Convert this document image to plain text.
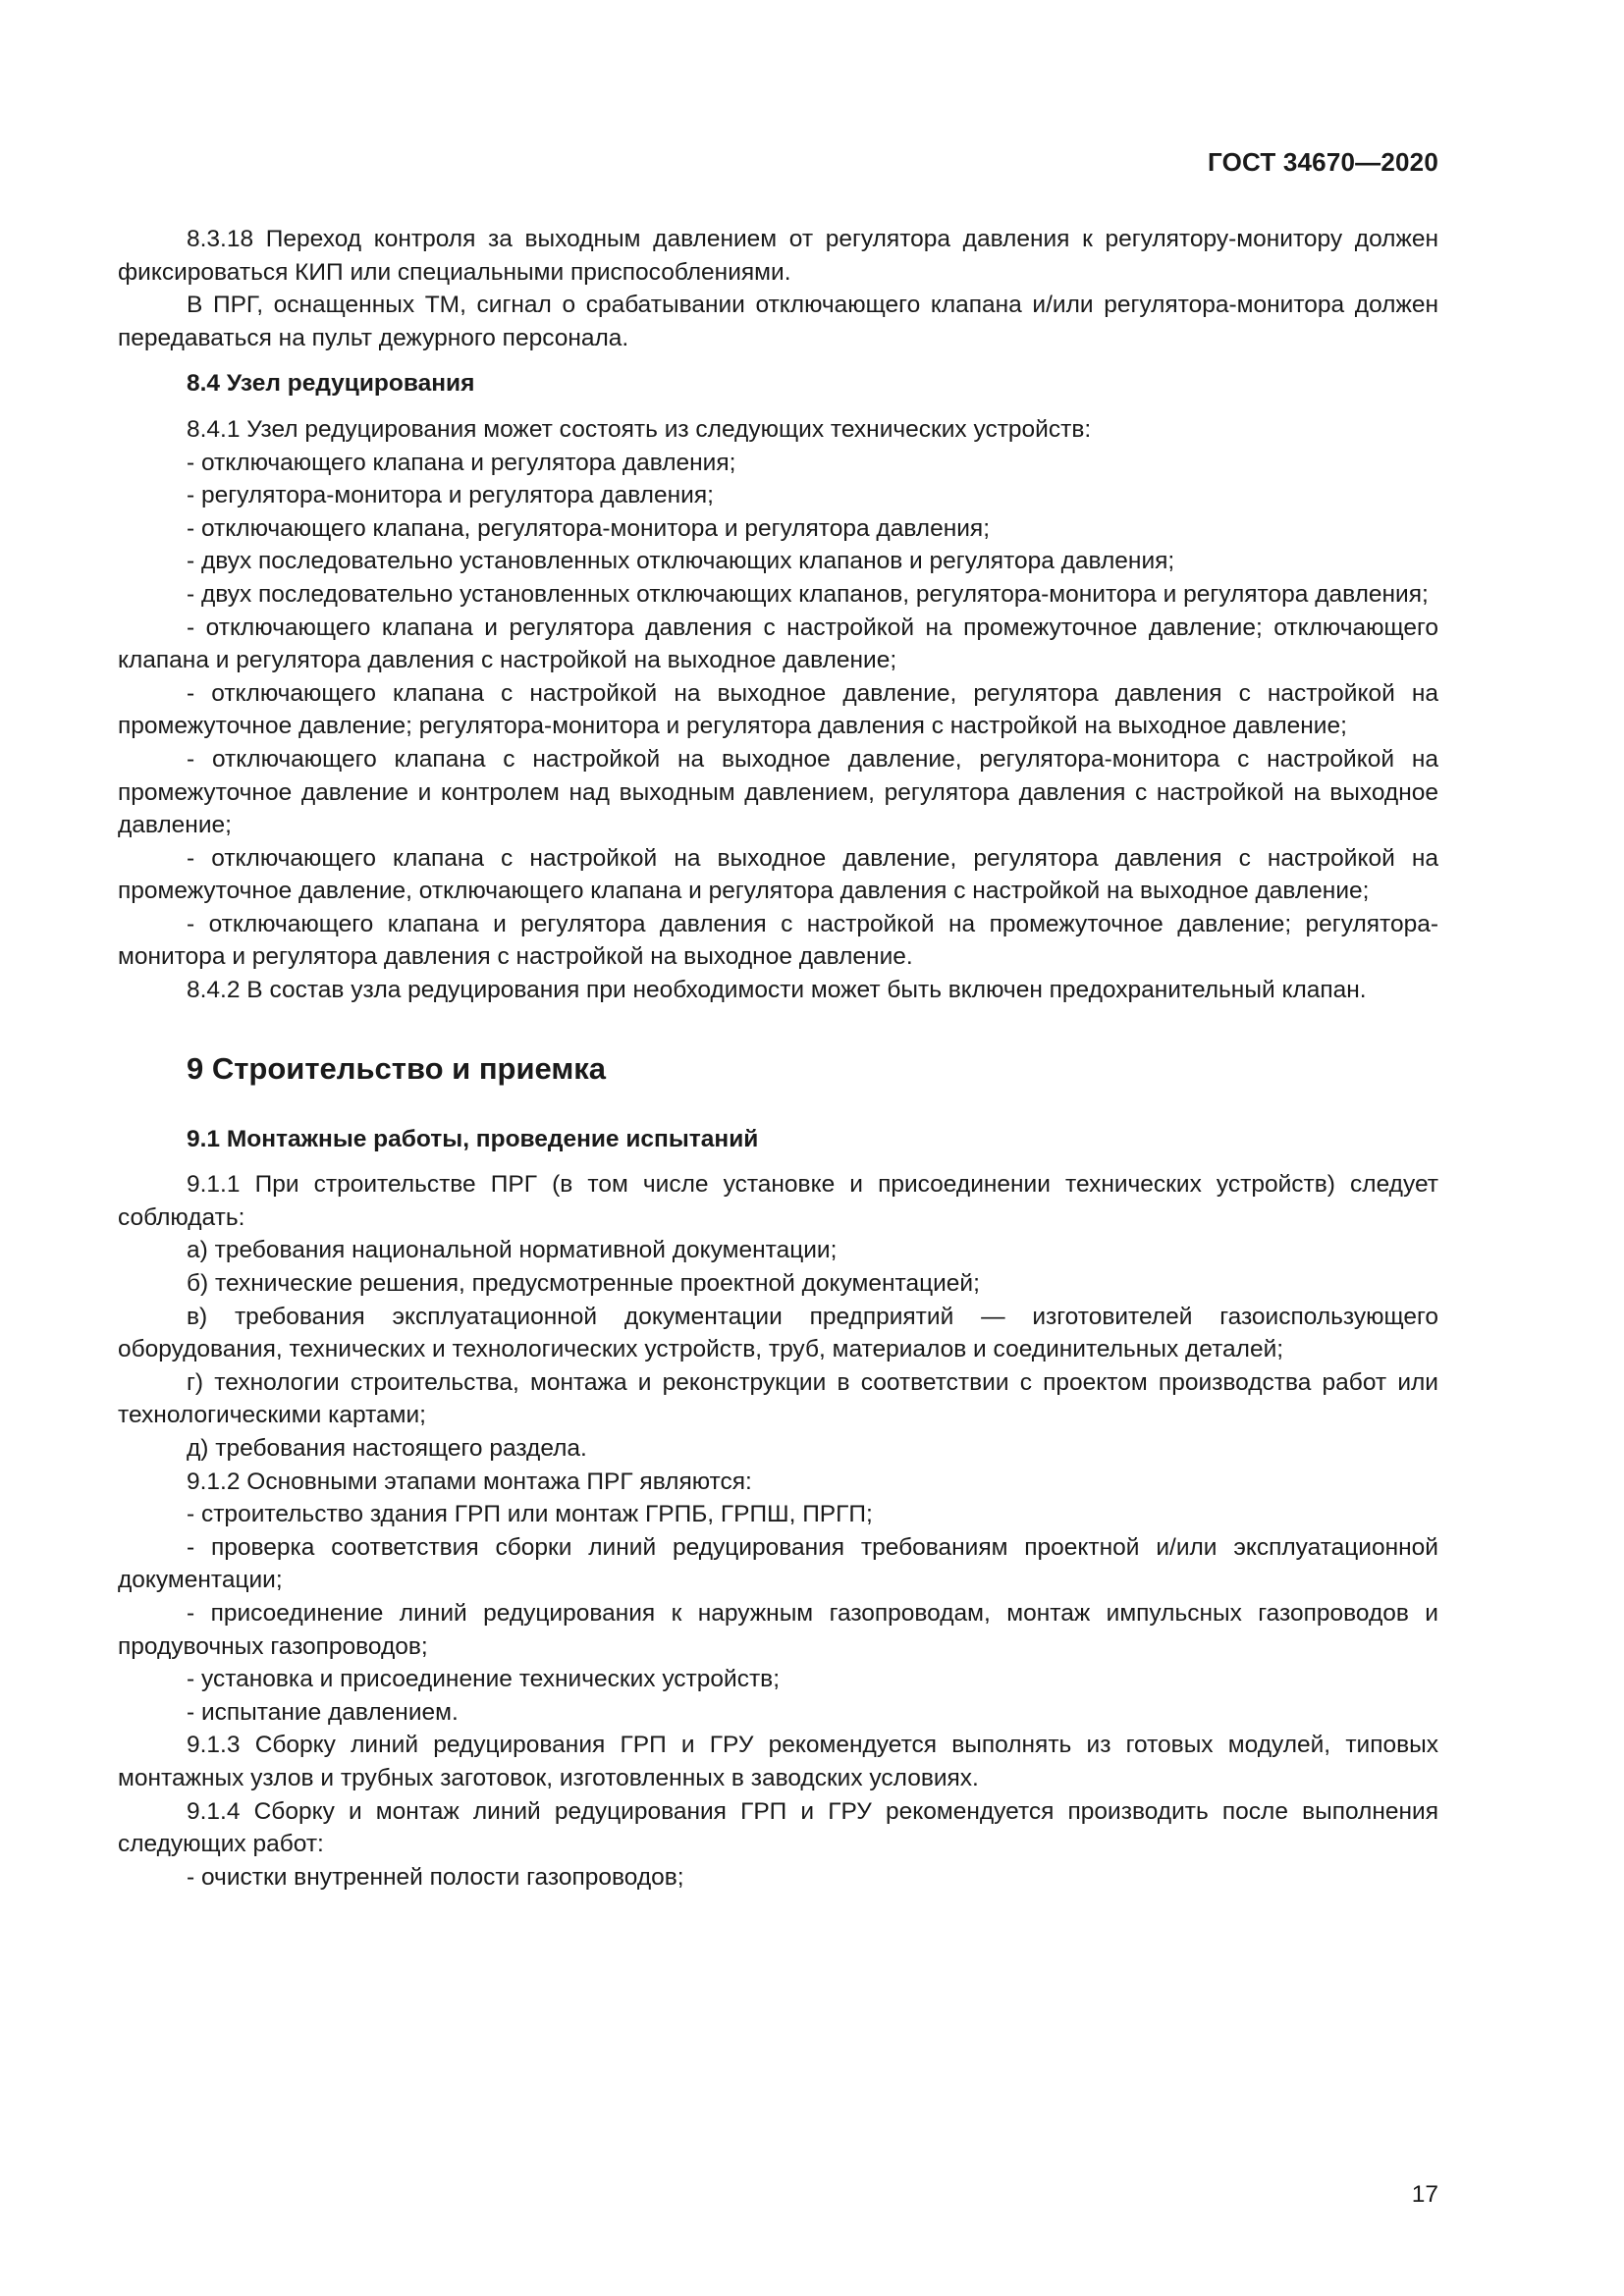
ГОСТ 34670—2020

8.3.18 Переход контроля за выходным давлением от регулятора давления к регулятору-монитору должен фиксироваться КИП или специальными приспособлениями.

В ПРГ, оснащенных ТМ, сигнал о срабатывании отключающего клапана и/или регулятора-монитора должен передаваться на пульт дежурного персонала.

8.4 Узел редуцирования

8.4.1 Узел редуцирования может состоять из следующих технических устройств:

- отключающего клапана и регулятора давления;

- регулятора-монитора и регулятора давления;

- отключающего клапана, регулятора-монитора и регулятора давления;

- двух последовательно установленных отключающих клапанов и регулятора давления;

- двух последовательно установленных отключающих клапанов, регулятора-монитора и регулятора давления;

- отключающего клапана и регулятора давления с настройкой на промежуточное давление; отключающего клапана и регулятора давления с настройкой на выходное давление;

- отключающего клапана с настройкой на выходное давление, регулятора давления с настройкой на промежуточное давление; регулятора-монитора и регулятора давления с настройкой на выходное давление;

- отключающего клапана с настройкой на выходное давление, регулятора-монитора с настройкой на промежуточное давление и контролем над выходным давлением, регулятора давления с настройкой на выходное давление;

- отключающего клапана с настройкой на выходное давление, регулятора давления с настройкой на промежуточное давление, отключающего клапана и регулятора давления с настройкой на выходное давление;

- отключающего клапана и регулятора давления с настройкой на промежуточное давление; регулятора-монитора и регулятора давления с настройкой на выходное давление.

8.4.2 В состав узла редуцирования при необходимости может быть включен предохранительный клапан.

9 Строительство и приемка

9.1 Монтажные работы, проведение испытаний

9.1.1 При строительстве ПРГ (в том числе установке и присоединении технических устройств) следует соблюдать:

а) требования национальной нормативной документации;

б) технические решения, предусмотренные проектной документацией;

в) требования эксплуатационной документации предприятий — изготовителей газоиспользующего оборудования, технических и технологических устройств, труб, материалов и соединительных деталей;

г) технологии строительства, монтажа и реконструкции в соответствии с проектом производства работ или технологическими картами;

д) требования настоящего раздела.

9.1.2 Основными этапами монтажа ПРГ являются:

- строительство здания ГРП или монтаж ГРПБ, ГРПШ, ПРГП;

- проверка соответствия сборки линий редуцирования требованиям проектной и/или эксплуатационной документации;

- присоединение линий редуцирования к наружным газопроводам, монтаж импульсных газопроводов и продувочных газопроводов;

- установка и присоединение технических устройств;

- испытание давлением.

9.1.3 Сборку линий редуцирования ГРП и ГРУ рекомендуется выполнять из готовых модулей, типовых монтажных узлов и трубных заготовок, изготовленных в заводских условиях.

9.1.4 Сборку и монтаж линий редуцирования ГРП и ГРУ рекомендуется производить после выполнения следующих работ:

- очистки внутренней полости газопроводов;

17
